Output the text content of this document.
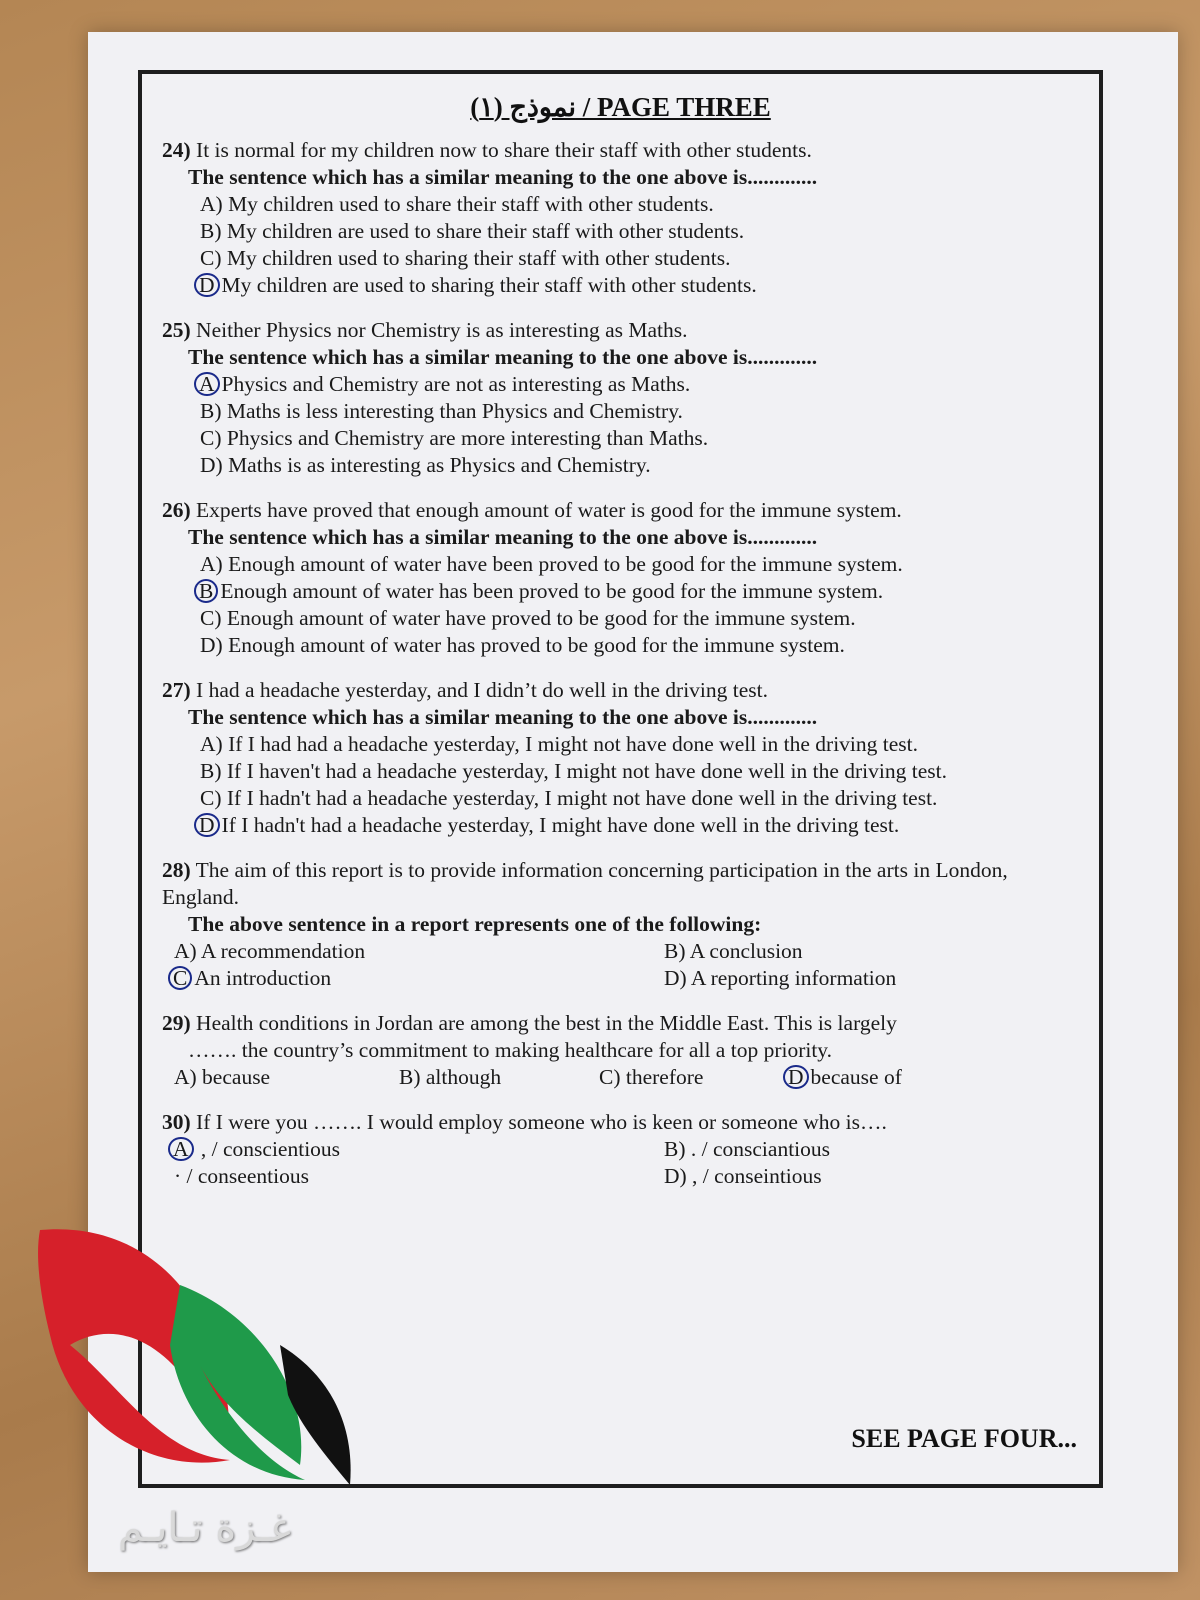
نموذج (١) / PAGE THREE
24) It is normal for my children now to share their staff with other students.
The sentence which has a similar meaning to the one above is.............
A) My children used to share their staff with other students.
B) My children are used to share their staff with other students.
C) My children used to sharing their staff with other students.
D My children are used to sharing their staff with other students.
25) Neither Physics nor Chemistry is as interesting as Maths.
The sentence which has a similar meaning to the one above is.............
A Physics and Chemistry are not as interesting as Maths.
B) Maths is less interesting than Physics and Chemistry.
C) Physics and Chemistry are more interesting than Maths.
D) Maths is as interesting as Physics and Chemistry.
26) Experts have proved that enough amount of water is good for the immune system.
The sentence which has a similar meaning to the one above is.............
A) Enough amount of water have been proved to be good for the immune system.
B Enough amount of water has been proved to be good for the immune system.
C) Enough amount of water have proved to be good for the immune system.
D) Enough amount of water has proved to be good for the immune system.
27) I had a headache yesterday, and I didn’t do well in the driving test.
The sentence which has a similar meaning to the one above is.............
A) If I had had a headache yesterday, I might not have done well in the driving test.
B) If I haven't had a headache yesterday, I might not have done well in the driving test.
C) If I hadn't had a headache yesterday, I might not have done well in the driving test.
D If I hadn't had a headache yesterday, I might have done well in the driving test.
28) The aim of this report is to provide information concerning participation in the arts in London, England.
The above sentence in a report represents one of the following:
A) A recommendation	B) A conclusion
C An introduction	D) A reporting information
29) Health conditions in Jordan are among the best in the Middle East. This is largely
……. the country’s commitment to making healthcare for all a top priority.
A) because	B) although	C) therefore	D because of
30) If I were you ……. I would employ someone who is keen or someone who is….
A , / conscientious	B) . / consciantious
· / conseentious	D) , / conseintious
SEE PAGE FOUR...
غـزة تـايـم
